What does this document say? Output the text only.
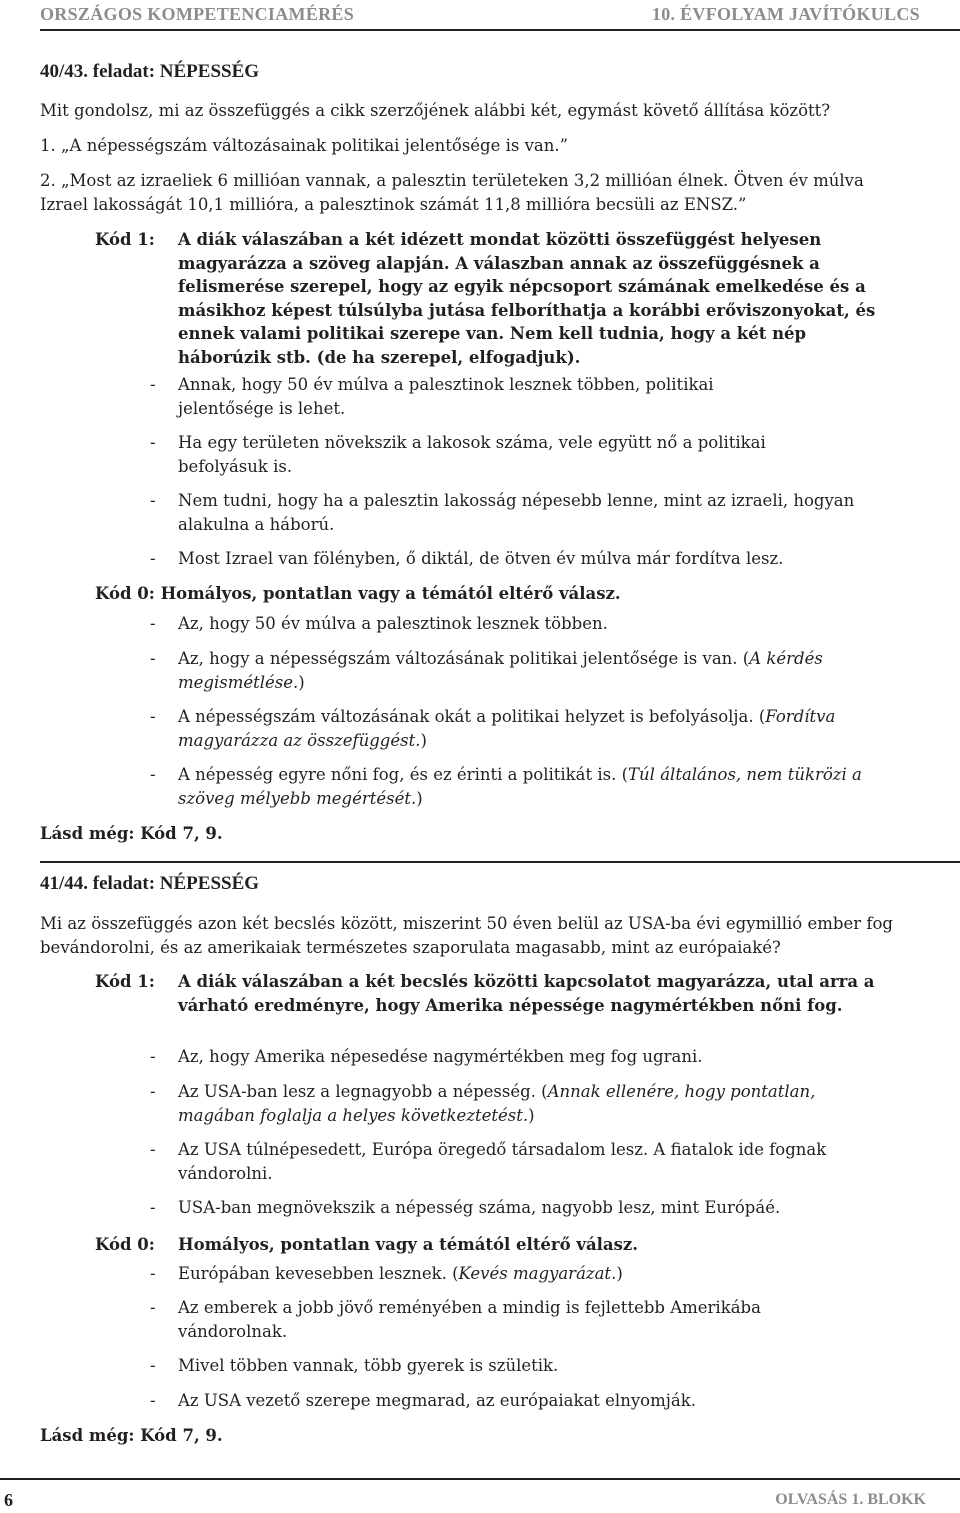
ORSZÁGOS KOMPETENCIAMÉRÉS	10. ÉVFOLYAM JAVÍTÓKULCS
40/43. feladat: NÉPESSÉG
Mit gondolsz, mi az összefüggés a cikk szerzőjének alábbi két, egymást követő állítása között?
1. „A népességszám változásainak politikai jelentősége is van.”
2. „Most az izraeliek 6 millióan vannak, a palesztin területeken 3,2 millióan élnek. Ötven év múlva
Izrael lakosságát 10,1 millióra, a palesztinok számát 11,8 millióra becsüli az ENSZ.”
Kód 1: A diák válaszában a két idézett mondat közötti összefüggést helyesen magyarázza a szöveg alapján. A válaszban annak az összefüggésnek a felismerése szerepel, hogy az egyik népcsoport számának emelkedése és a másikhoz képest túlsúlyba jutása felboríthatja a korábbi erőviszonyokat, és ennek valami politikai szerepe van. Nem kell tudnia, hogy a két nép háborúzik stb. (de ha szerepel, elfogadjuk).
- Annak, hogy 50 év múlva a palesztinok lesznek többen, politikai jelentősége is lehet.
- Ha egy területen növekszik a lakosok száma, vele együtt nő a politikai befolyásuk is.
- Nem tudni, hogy ha a palesztin lakosság népesebb lenne, mint az izraeli, hogyan alakulna a háború.
- Most Izrael van fölényben, ő diktál, de ötven év múlva már fordítva lesz.
Kód 0: Homályos, pontatlan vagy a témától eltérő válasz.
- Az, hogy 50 év múlva a palesztinok lesznek többen.
- Az, hogy a népességszám változásának politikai jelentősége is van. (A kérdés megismétlése.)
- A népességszám változásának okát a politikai helyzet is befolyásolja. (Fordítva magyarázza az összefüggést.)
- A népesség egyre nőni fog, és ez érinti a politikát is. (Túl általános, nem tükrözi a szöveg mélyebb megértését.)
Lásd még: Kód 7, 9.
41/44. feladat: NÉPESSÉG
Mi az összefüggés azon két becslés között, miszerint 50 éven belül az USA-ba évi egymillió ember fog
bevándorolni, és az amerikaiak természetes szaporulata magasabb, mint az európaiaké?
Kód 1: A diák válaszában a két becslés közötti kapcsolatot magyarázza, utal arra a várható eredményre, hogy Amerika népessége nagymértékben nőni fog.
- Az, hogy Amerika népesedése nagymértékben meg fog ugrani.
- Az USA-ban lesz a legnagyobb a népesség. (Annak ellenére, hogy pontatlan, magában foglalja a helyes következtetést.)
- Az USA túlnépesedett, Európa öregedő társadalom lesz. A fiatalok ide fognak vándorolni.
- USA-ban megnövekszik a népesség száma, nagyobb lesz, mint Európáé.
Kód 0: Homályos, pontatlan vagy a témától eltérő válasz.
- Európában kevesebben lesznek. (Kevés magyarázat.)
- Az emberek a jobb jövő reményében a mindig is fejlettebb Amerikába vándorolnak.
- Mivel többen vannak, több gyerek is születik.
- Az USA vezető szerepe megmarad, az európaiakat elnyomják.
Lásd még: Kód 7, 9.
6	OLVASÁS 1. BLOKK
